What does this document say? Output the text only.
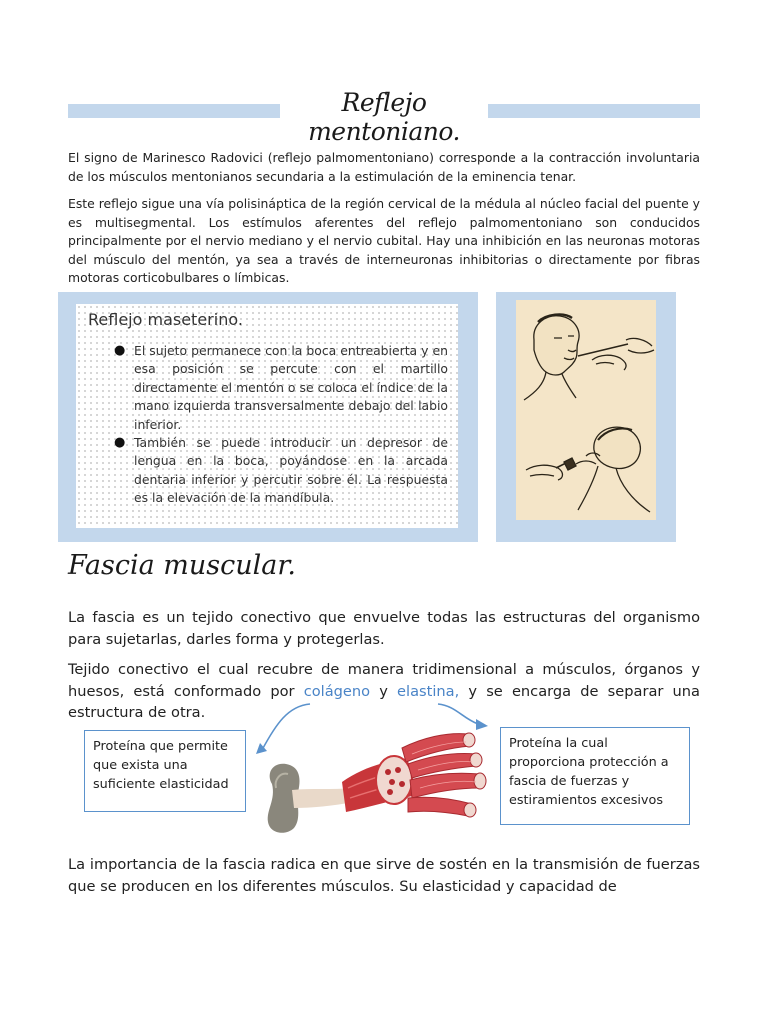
Reflejo mentoniano.
El signo de Marinesco Radovici (reflejo palmomentoniano) corresponde a la contracción involuntaria de los músculos mentonianos secundaria a la estimulación de la eminencia tenar.
Este reflejo sigue una vía polisináptica de la región cervical de la médula al núcleo facial del puente y es multisegmental. Los estímulos aferentes del reflejo palmomentoniano son conducidos principalmente por el nervio mediano y el nervio cubital. Hay una inhibición en las neuronas motoras del músculo del mentón, ya sea a través de interneuronas inhibitorias o directamente por fibras motoras corticobulbares o límbicas.
Reflejo maseterino.
● El sujeto permanece con la boca entreabierta y en esa posición se percute con el martillo directamente el mentón o se coloca el índice de la mano izquierda transversalmente debajo del labio inferior.
● También se puede introducir un depresor de lengua en la boca, poyándose en la arcada dentaria inferior y percutir sobre él. La respuesta es la elevación de la mandíbula.
Fascia muscular.
La fascia es un tejido conectivo que envuelve todas las estructuras del organismo para sujetarlas, darles forma y protegerlas.
Tejido conectivo el cual recubre de manera tridimensional a músculos, órganos y huesos, está conformado por colágeno y elastina, y se encarga de separar una estructura de otra.
Proteína que permite que exista una suficiente elasticidad
Proteína la cual proporciona protección a fascia de fuerzas y estiramientos excesivos
La importancia de la fascia radica en que sirve de sostén en la transmisión de fuerzas que se producen en los diferentes músculos. Su elasticidad y capacidad de
